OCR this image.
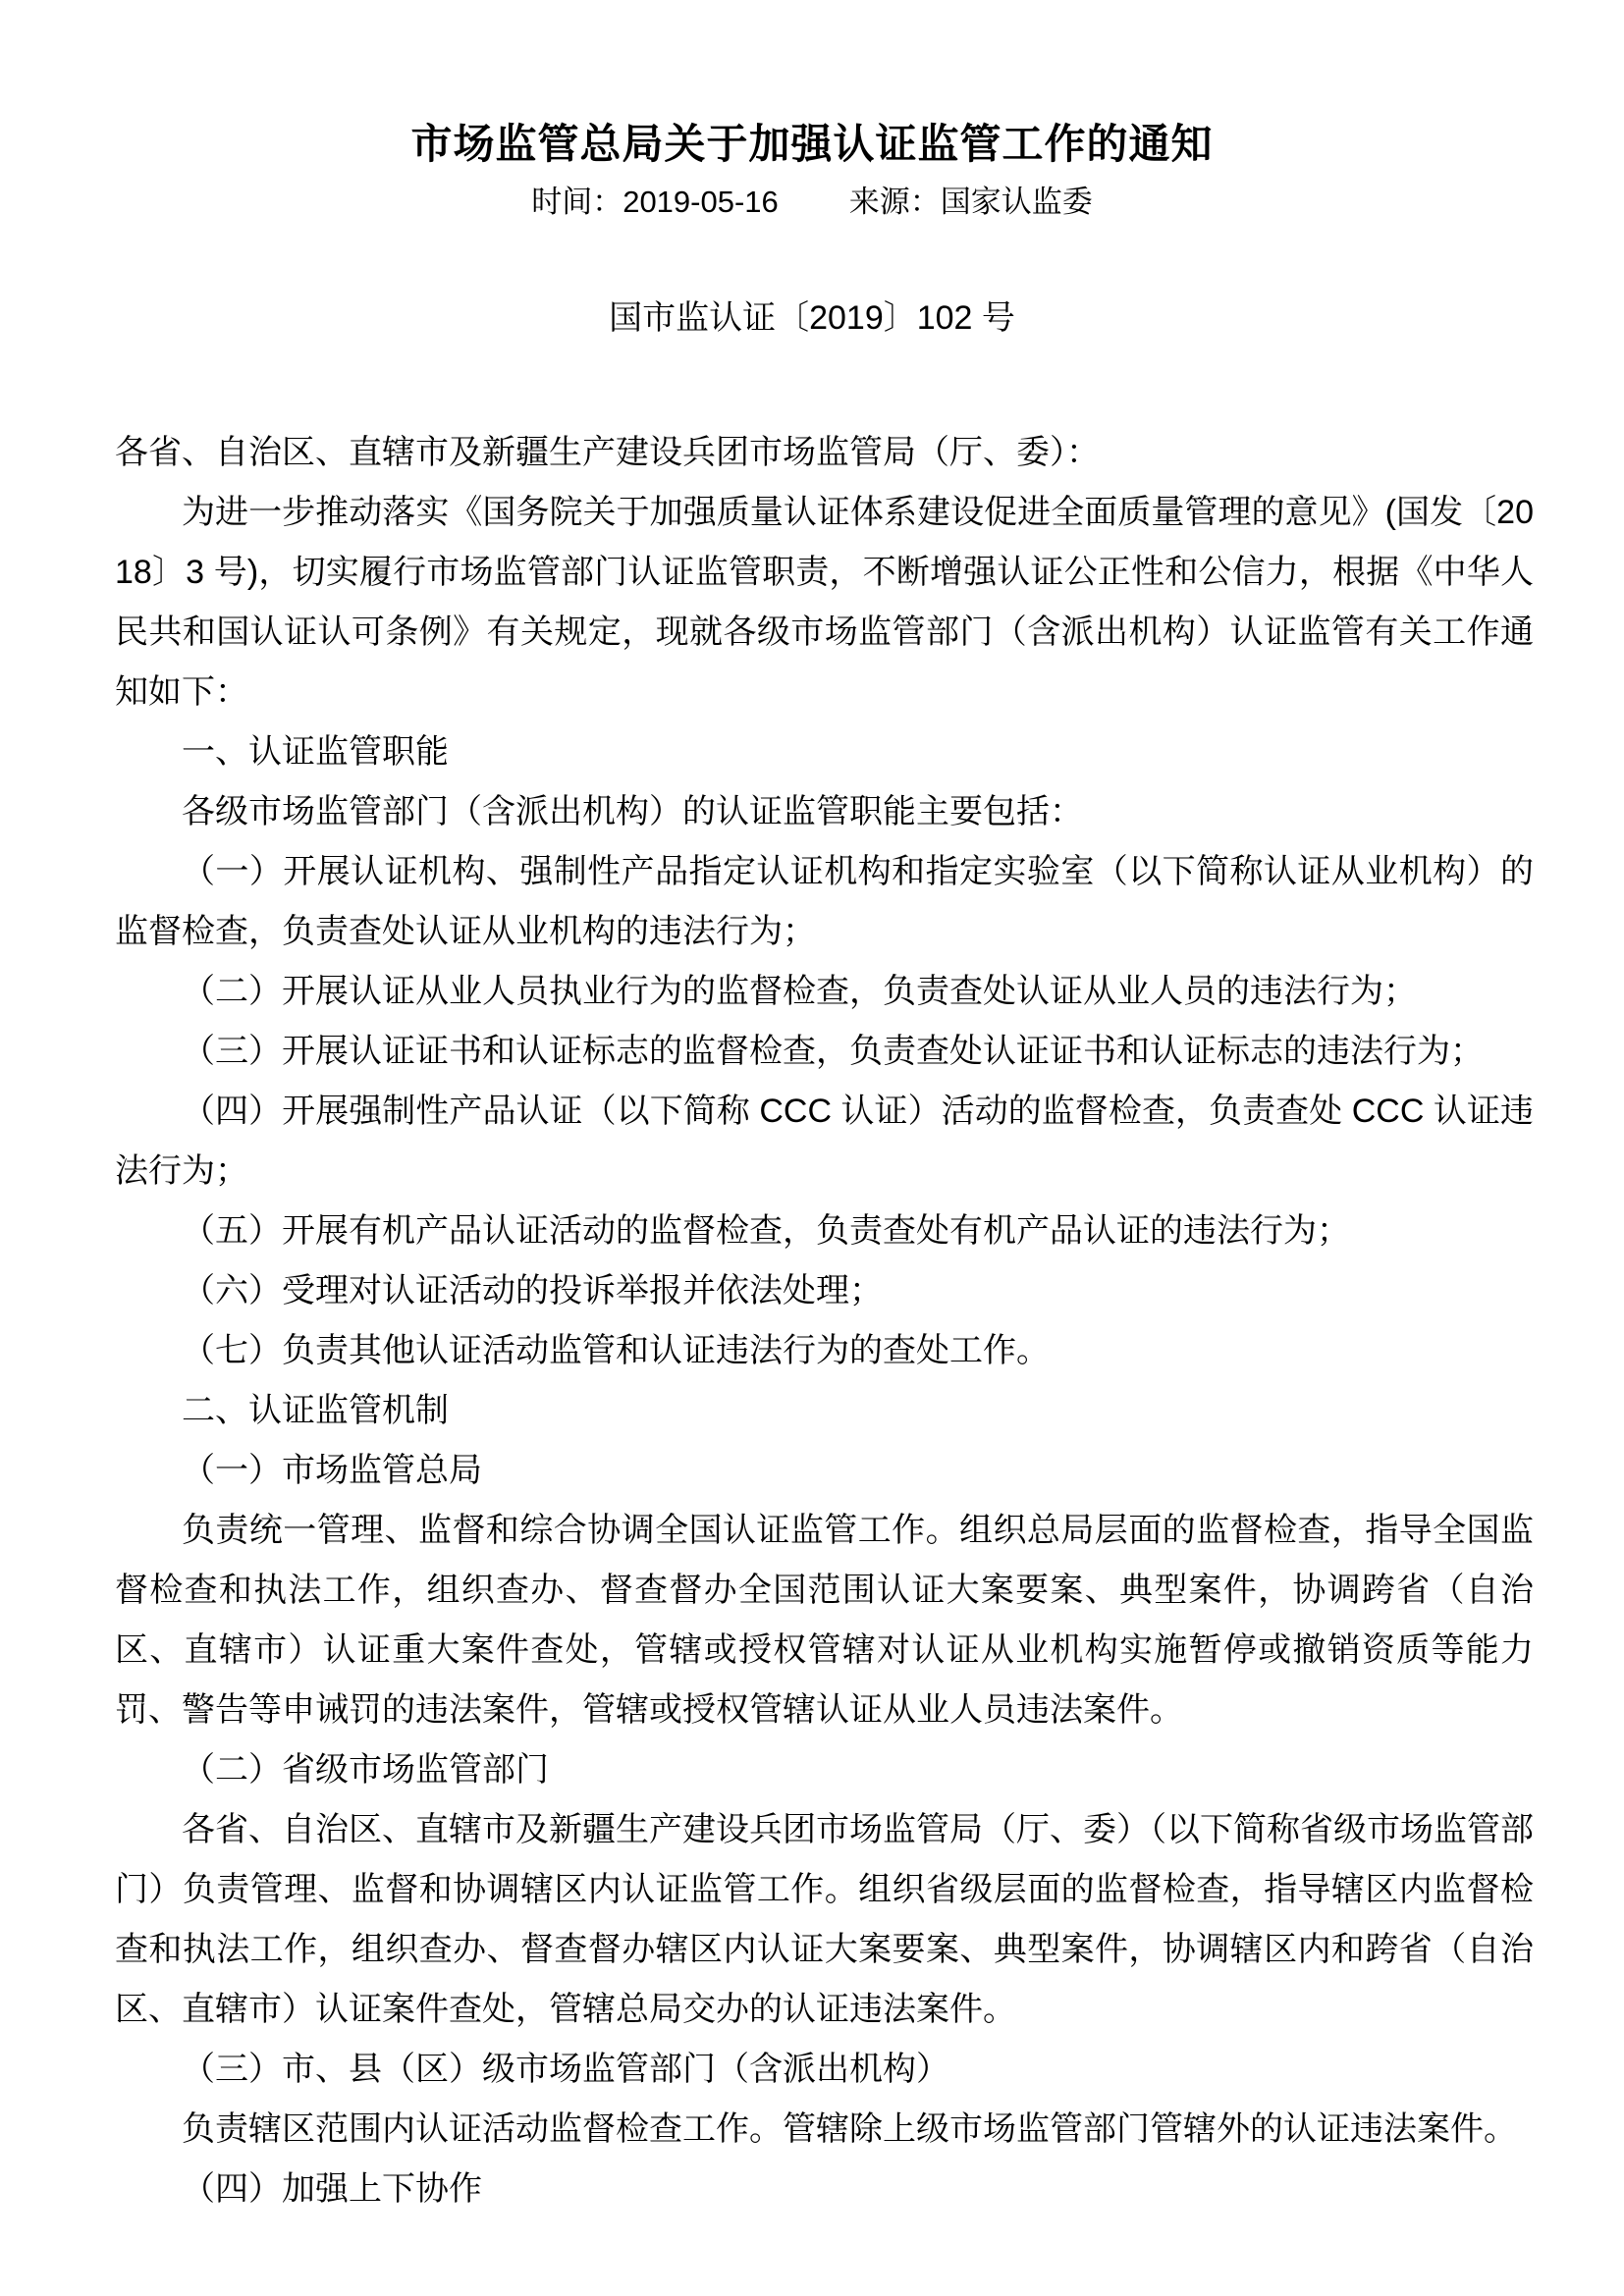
市场监管总局关于加强认证监管工作的通知
时间：2019-05-16 来源：国家认监委
国市监认证〔2019〕102 号

各省、自治区、直辖市及新疆生产建设兵团市场监管局（厅、委）：

为进一步推动落实《国务院关于加强质量认证体系建设促进全面质量管理的意见》(国发〔2018〕3 号)，切实履行市场监管部门认证监管职责，不断增强认证公正性和公信力，根据《中华人民共和国认证认可条例》有关规定，现就各级市场监管部门（含派出机构）认证监管有关工作通知如下：

一、认证监管职能

各级市场监管部门（含派出机构）的认证监管职能主要包括：

（一）开展认证机构、强制性产品指定认证机构和指定实验室（以下简称认证从业机构）的监督检查，负责查处认证从业机构的违法行为；

（二）开展认证从业人员执业行为的监督检查，负责查处认证从业人员的违法行为；

（三）开展认证证书和认证标志的监督检查，负责查处认证证书和认证标志的违法行为；

（四）开展强制性产品认证（以下简称 CCC 认证）活动的监督检查，负责查处 CCC 认证违法行为；

（五）开展有机产品认证活动的监督检查，负责查处有机产品认证的违法行为；

（六）受理对认证活动的投诉举报并依法处理；

（七）负责其他认证活动监管和认证违法行为的查处工作。

二、认证监管机制

（一）市场监管总局

负责统一管理、监督和综合协调全国认证监管工作。组织总局层面的监督检查，指导全国监督检查和执法工作，组织查办、督查督办全国范围认证大案要案、典型案件，协调跨省（自治区、直辖市）认证重大案件查处，管辖或授权管辖对认证从业机构实施暂停或撤销资质等能力罚、警告等申诫罚的违法案件，管辖或授权管辖认证从业人员违法案件。

（二）省级市场监管部门

各省、自治区、直辖市及新疆生产建设兵团市场监管局（厅、委）（以下简称省级市场监管部门）负责管理、监督和协调辖区内认证监管工作。组织省级层面的监督检查，指导辖区内监督检查和执法工作，组织查办、督查督办辖区内认证大案要案、典型案件，协调辖区内和跨省（自治区、直辖市）认证案件查处，管辖总局交办的认证违法案件。

（三）市、县（区）级市场监管部门（含派出机构）

负责辖区范围内认证活动监督检查工作。管辖除上级市场监管部门管辖外的认证违法案件。

（四）加强上下协作
